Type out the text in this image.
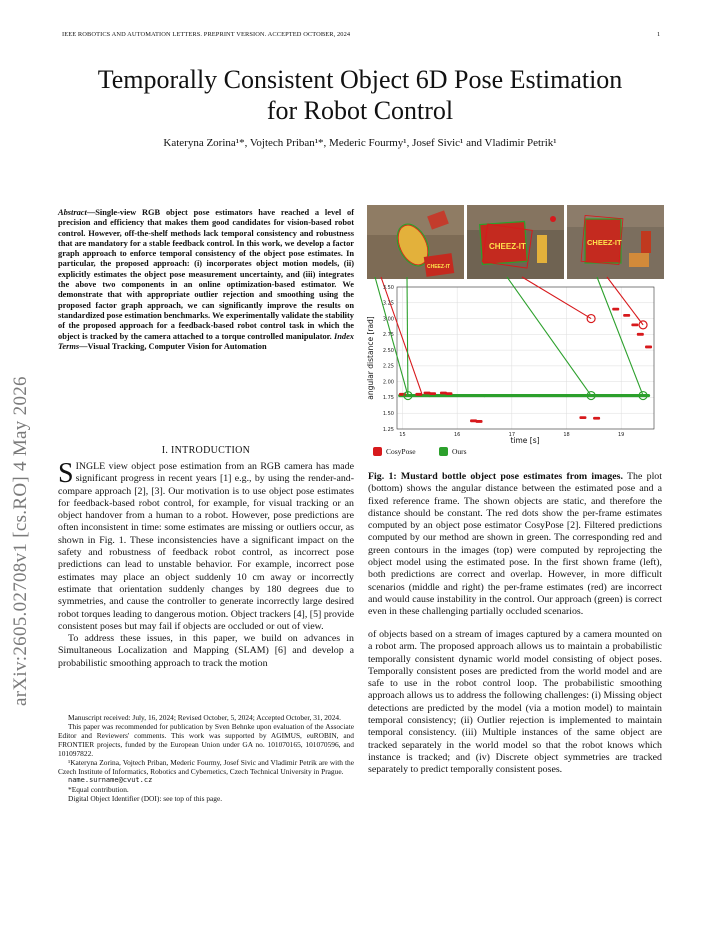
IEEE ROBOTICS AND AUTOMATION LETTERS. PREPRINT VERSION. ACCEPTED OCTOBER, 2024	1
arXiv:2605.02708v1 [cs.RO] 4 May 2026
Temporally Consistent Object 6D Pose Estimation
for Robot Control
Kateryna Zorina¹*, Vojtech Priban¹*, Mederic Fourmy¹, Josef Sivic¹ and Vladimir Petrik¹
Abstract—Single-view RGB object pose estimators have reached a level of precision and efficiency that makes them good candidates for vision-based robot control. However, off-the-shelf methods lack temporal consistency and robustness that are mandatory for a stable feedback control. In this work, we develop a factor graph approach to enforce temporal consistency of the object pose estimates. In particular, the proposed approach: (i) incorporates object motion models, (ii) explicitly estimates the object pose measurement uncertainty, and (iii) integrates the above two components in an online optimization-based estimator. We demonstrate that with appropriate outlier rejection and smoothing using the proposed factor graph approach, we can significantly improve the results on standardized pose estimation benchmarks. We experimentally validate the stability of the proposed approach for a feedback-based robot control task in which the object is tracked by the camera attached to a torque controlled manipulator. Index Terms—Visual Tracking, Computer Vision for Automation
I. INTRODUCTION

SINGLE view object pose estimation from an RGB camera has made significant progress in recent years [1] e.g., by using the render-and-compare approach [2], [3]. Our motivation is to use object pose estimates for feedback-based robot control, for example, for visual tracking or an object handover from a human to a robot. However, pose predictions are often inconsistent in time: some estimates are missing or outliers occur, as shown in Fig. 1. These inconsistencies have a significant impact on the safety and robustness of feedback robot control, as incorrect pose predictions can lead to unstable behavior. For example, incorrect pose estimates may place an object suddenly 10 cm away or incorrectly estimate that orientation suddenly changes by 180 degrees due to symmetries, and cause the controller to generate incorrectly large desired robot torques leading to dangerous motion. Object trackers [4], [5] provide consistent poses but may fail if objects are occluded or out of view.

To address these issues, in this paper, we build on advances in Simultaneous Localization and Mapping (SLAM) [6] and develop a probabilistic smoothing approach to track the motion

Manuscript received: July, 16, 2024; Revised October, 5, 2024; Accepted October, 31, 2024.

This paper was recommended for publication by Sven Behnke upon evaluation of the Associate Editor and Reviewers' comments. This work was supported by AGIMUS, euROBIN, and FRONTIER projects, funded by the European Union under GA no. 101070165, 101070596, and 101097822.

¹Kateryna Zorina, Vojtech Priban, Mederic Fourmy, Josef Sivic and Vladimir Petrik are with the Czech Institute of Informatics, Robotics and Cybernetics, Czech Technical University in Prague.

name.surname@cvut.cz

*Equal contribution.

Digital Object Identifier (DOI): see top of this page.

CHEEZ-IT
CHEEZ-IT	CHEEZ-IT
1.25
1.50
1.75
2.00
2.25
2.50
2.75
3.00
3.25
3.50
15	16	17	18	19
angular distance [rad]
time [s]
CosyPose	Ours
Fig. 1: Mustard bottle object pose estimates from images. The plot (bottom) shows the angular distance between the estimated pose and a fixed reference frame. The shown objects are static, and therefore the distance should be constant. The red dots show the per-frame estimates computed by an object pose estimator CosyPose [2]. Filtered predictions computed by our method are shown in green. The corresponding red and green contours in the images (top) were computed by reprojecting the object model using the estimated pose. In the first shown frame (left), both predictions are correct and overlap. However, in more difficult scenarios (middle and right) the per-frame estimates (red) are incorrect and would cause instability in the control. Our approach (green) is correct even in these challenging partially occluded scenarios.
of objects based on a stream of images captured by a camera mounted on a robot arm. The proposed approach allows us to maintain a probabilistic temporally consistent dynamic world model consisting of object poses. Temporally consistent poses are predicted from the world model and are safe to use in the robot control loop. The probabilistic smoothing approach allows us to address the following challenges: (i) Missing object detections are predicted by the model (via a motion model) to maintain temporal consistency; (ii) Outlier rejection is implemented to maintain temporal consistency. (iii) Multiple instances of the same object are tracked separately in the world model so that the robot knows which instance is tracked; and (iv) Discrete object symmetries are tracked separately to predict temporally consistent poses.
